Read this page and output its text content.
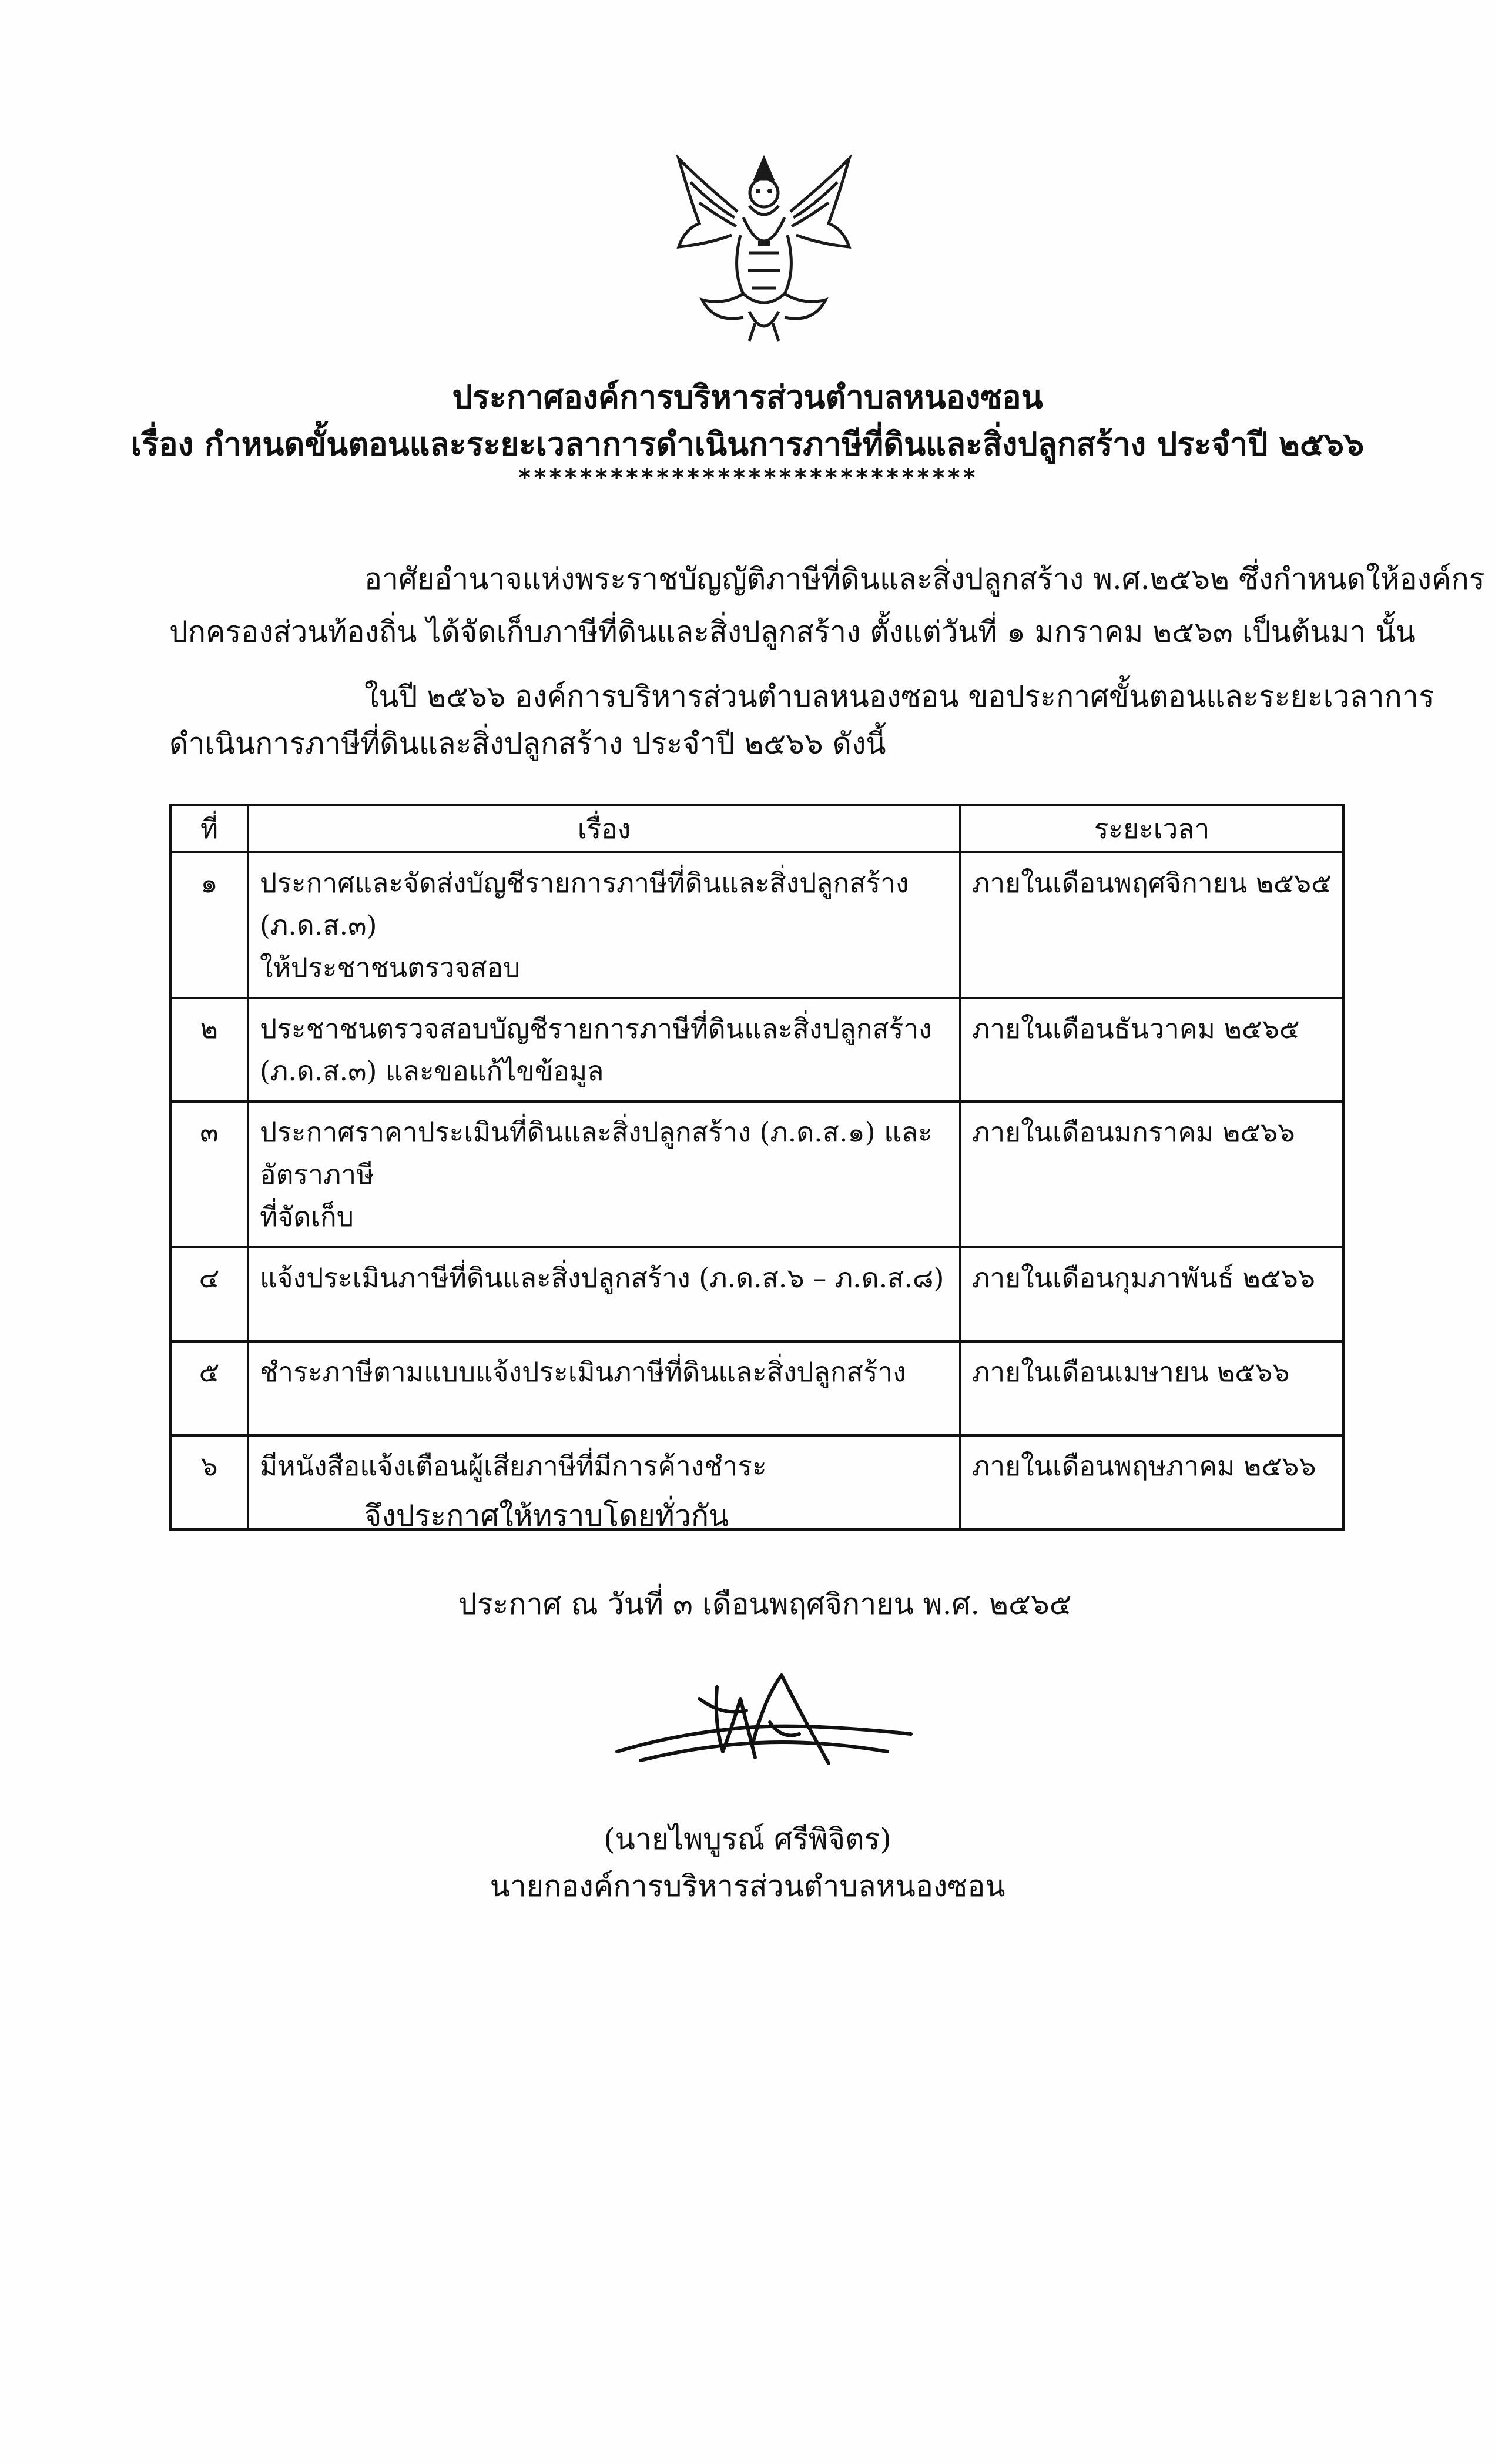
ประกาศองค์การบริหารส่วนตำบลหนองซอน
เรื่อง กำหนดขั้นตอนและระยะเวลาการดำเนินการภาษีที่ดินและสิ่งปลูกสร้าง ประจำปี ๒๕๖๖
******************************
อาศัยอำนาจแห่งพระราชบัญญัติภาษีที่ดินและสิ่งปลูกสร้าง พ.ศ.๒๕๖๒ ซึ่งกำหนดให้องค์กร
ปกครองส่วนท้องถิ่น ได้จัดเก็บภาษีที่ดินและสิ่งปลูกสร้าง ตั้งแต่วันที่ ๑ มกราคม ๒๕๖๓ เป็นต้นมา นั้น
ในปี ๒๕๖๖ องค์การบริหารส่วนตำบลหนองซอน ขอประกาศขั้นตอนและระยะเวลาการ
ดำเนินการภาษีที่ดินและสิ่งปลูกสร้าง ประจำปี ๒๕๖๖ ดังนี้
ที่	เรื่อง	ระยะเวลา
๑	ประกาศและจัดส่งบัญชีรายการภาษีที่ดินและสิ่งปลูกสร้าง (ภ.ด.ส.๓)
ให้ประชาชนตรวจสอบ	ภายในเดือนพฤศจิกายน ๒๕๖๕
๒	ประชาชนตรวจสอบบัญชีรายการภาษีที่ดินและสิ่งปลูกสร้าง
(ภ.ด.ส.๓) และขอแก้ไขข้อมูล	ภายในเดือนธันวาคม ๒๕๖๕
๓	ประกาศราคาประเมินที่ดินและสิ่งปลูกสร้าง (ภ.ด.ส.๑) และอัตราภาษี
ที่จัดเก็บ	ภายในเดือนมกราคม ๒๕๖๖
๔	แจ้งประเมินภาษีที่ดินและสิ่งปลูกสร้าง (ภ.ด.ส.๖ – ภ.ด.ส.๘)	ภายในเดือนกุมภาพันธ์ ๒๕๖๖
๕	ชำระภาษีตามแบบแจ้งประเมินภาษีที่ดินและสิ่งปลูกสร้าง	ภายในเดือนเมษายน ๒๕๖๖
๖	มีหนังสือแจ้งเตือนผู้เสียภาษีที่มีการค้างชำระ	ภายในเดือนพฤษภาคม ๒๕๖๖
จึงประกาศให้ทราบโดยทั่วกัน
ประกาศ ณ วันที่ ๓ เดือนพฤศจิกายน พ.ศ. ๒๕๖๕
(นายไพบูรณ์ ศรีพิจิตร)
นายกองค์การบริหารส่วนตำบลหนองซอน
